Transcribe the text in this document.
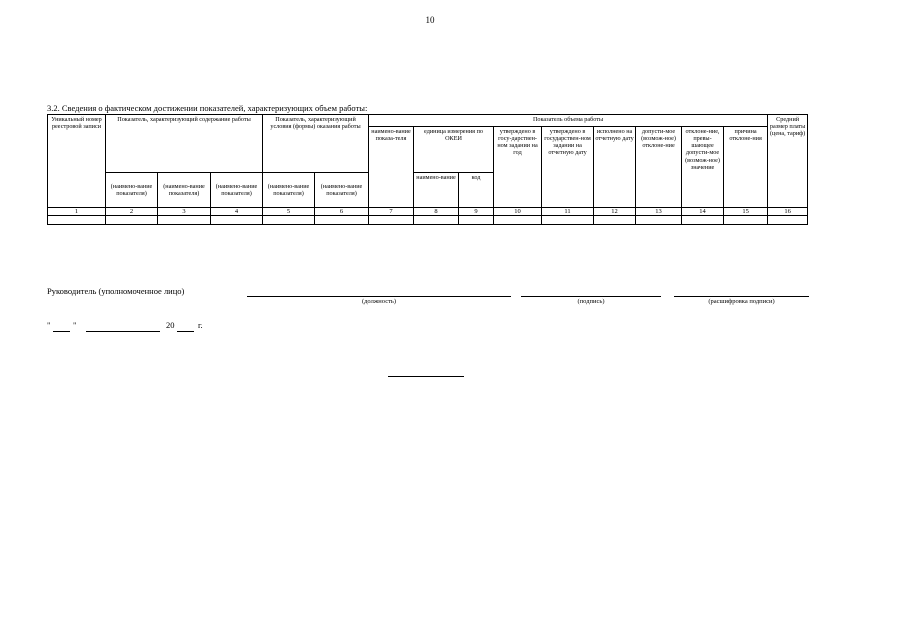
10
3.2. Сведения о фактическом достижении показателей, характеризующих объем работы:
Уникальный номер реестровой записи	Показатель, характеризующий содержание работы			Показатель, характеризующий условия (формы) оказания работы		Показатель объема работы									Средний размер платы (цена, тариф)
						наимено-вание показа-теля	единица измерения по ОКЕИ		утверждено в госу-дарствен-ном задании на год	утверждено в государствен-ном задании на отчетную дату	исполнено на отчетную дату	допусти-мое (возмож-ное) отклоне-ние	отклоне-ние, превы-шающее допусти-мое (возмож-ное) значение	причина отклоне-ния	
	(наимено-вание показателя)	(наимено-вание показателя)	(наимено-вание показателя)	(наимено-вание показателя)	(наимено-вание показателя)		наимено-вание	код							
1	2	3	4	5	6	7	8	9	10	11	12	13	14	15	16

Руководитель (уполномоченное лицо)
(должность)	(подпись)	(расшифровка подписи)
"	"	20	г.
